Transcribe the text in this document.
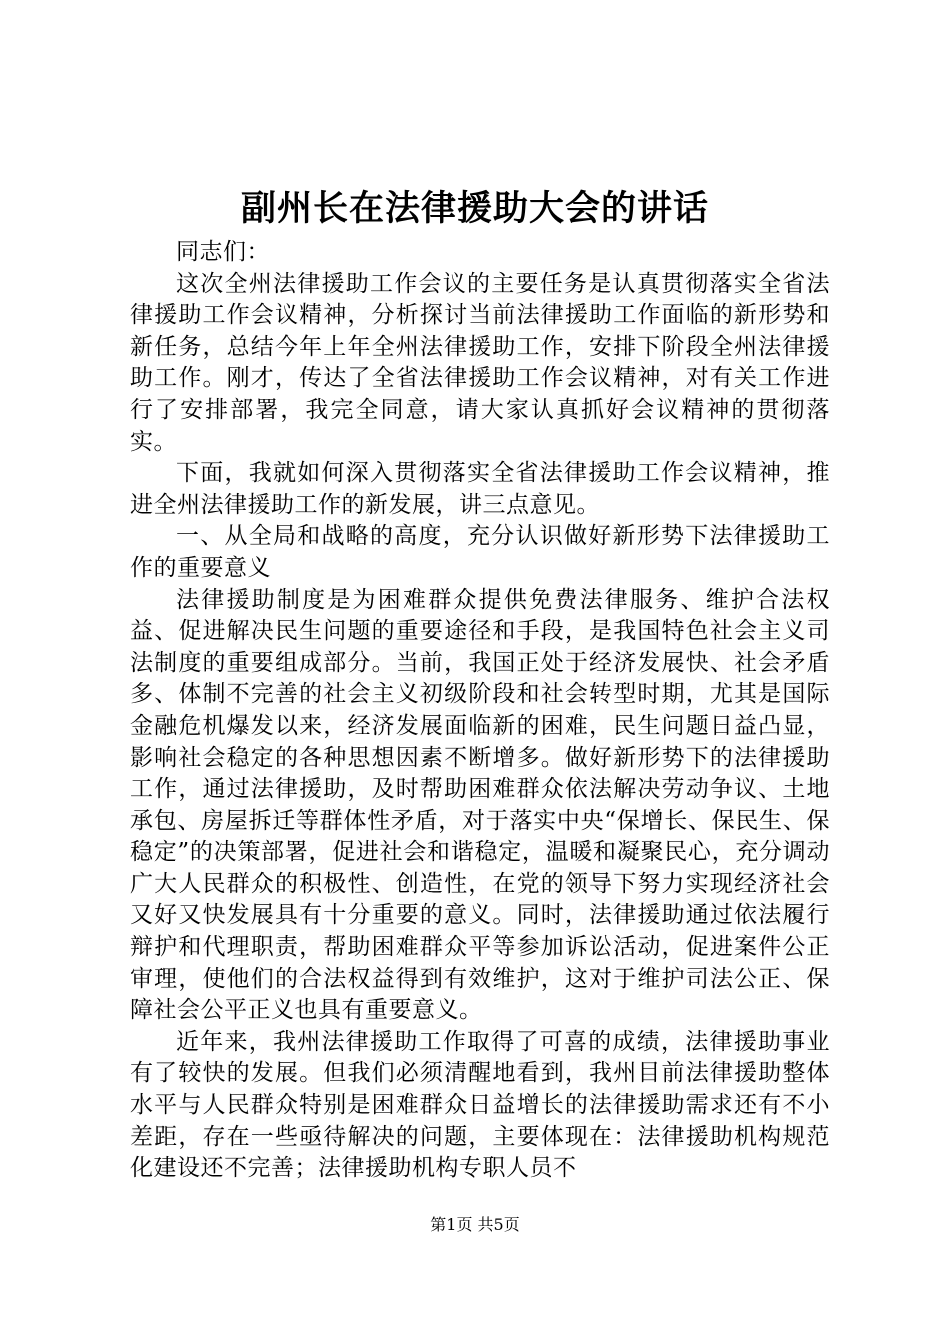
副州长在法律援助大会的讲话

同志们：

这次全州法律援助工作会议的主要任务是认真贯彻落实全省法律援助工作会议精神，分析探讨当前法律援助工作面临的新形势和新任务，总结今年上年全州法律援助工作，安排下阶段全州法律援助工作。刚才，传达了全省法律援助工作会议精神，对有关工作进行了安排部署，我完全同意，请大家认真抓好会议精神的贯彻落实。

下面，我就如何深入贯彻落实全省法律援助工作会议精神，推进全州法律援助工作的新发展，讲三点意见。

一、从全局和战略的高度，充分认识做好新形势下法律援助工作的重要意义

法律援助制度是为困难群众提供免费法律服务、维护合法权益、促进解决民生问题的重要途径和手段，是我国特色社会主义司法制度的重要组成部分。当前，我国正处于经济发展快、社会矛盾多、体制不完善的社会主义初级阶段和社会转型时期，尤其是国际金融危机爆发以来，经济发展面临新的困难，民生问题日益凸显，影响社会稳定的各种思想因素不断增多。做好新形势下的法律援助工作，通过法律援助，及时帮助困难群众依法解决劳动争议、土地承包、房屋拆迁等群体性矛盾，对于落实中央“保增长、保民生、保稳定”的决策部署，促进社会和谐稳定，温暖和凝聚民心，充分调动广大人民群众的积极性、创造性，在党的领导下努力实现经济社会又好又快发展具有十分重要的意义。同时，法律援助通过依法履行辩护和代理职责，帮助困难群众平等参加诉讼活动，促进案件公正审理，使他们的合法权益得到有效维护，这对于维护司法公正、保障社会公平正义也具有重要意义。

近年来，我州法律援助工作取得了可喜的成绩，法律援助事业有了较快的发展。但我们必须清醒地看到，我州目前法律援助整体水平与人民群众特别是困难群众日益增长的法律援助需求还有不小差距，存在一些亟待解决的问题，主要体现在：法律援助机构规范化建设还不完善；法律援助机构专职人员不

第1页 共5页
